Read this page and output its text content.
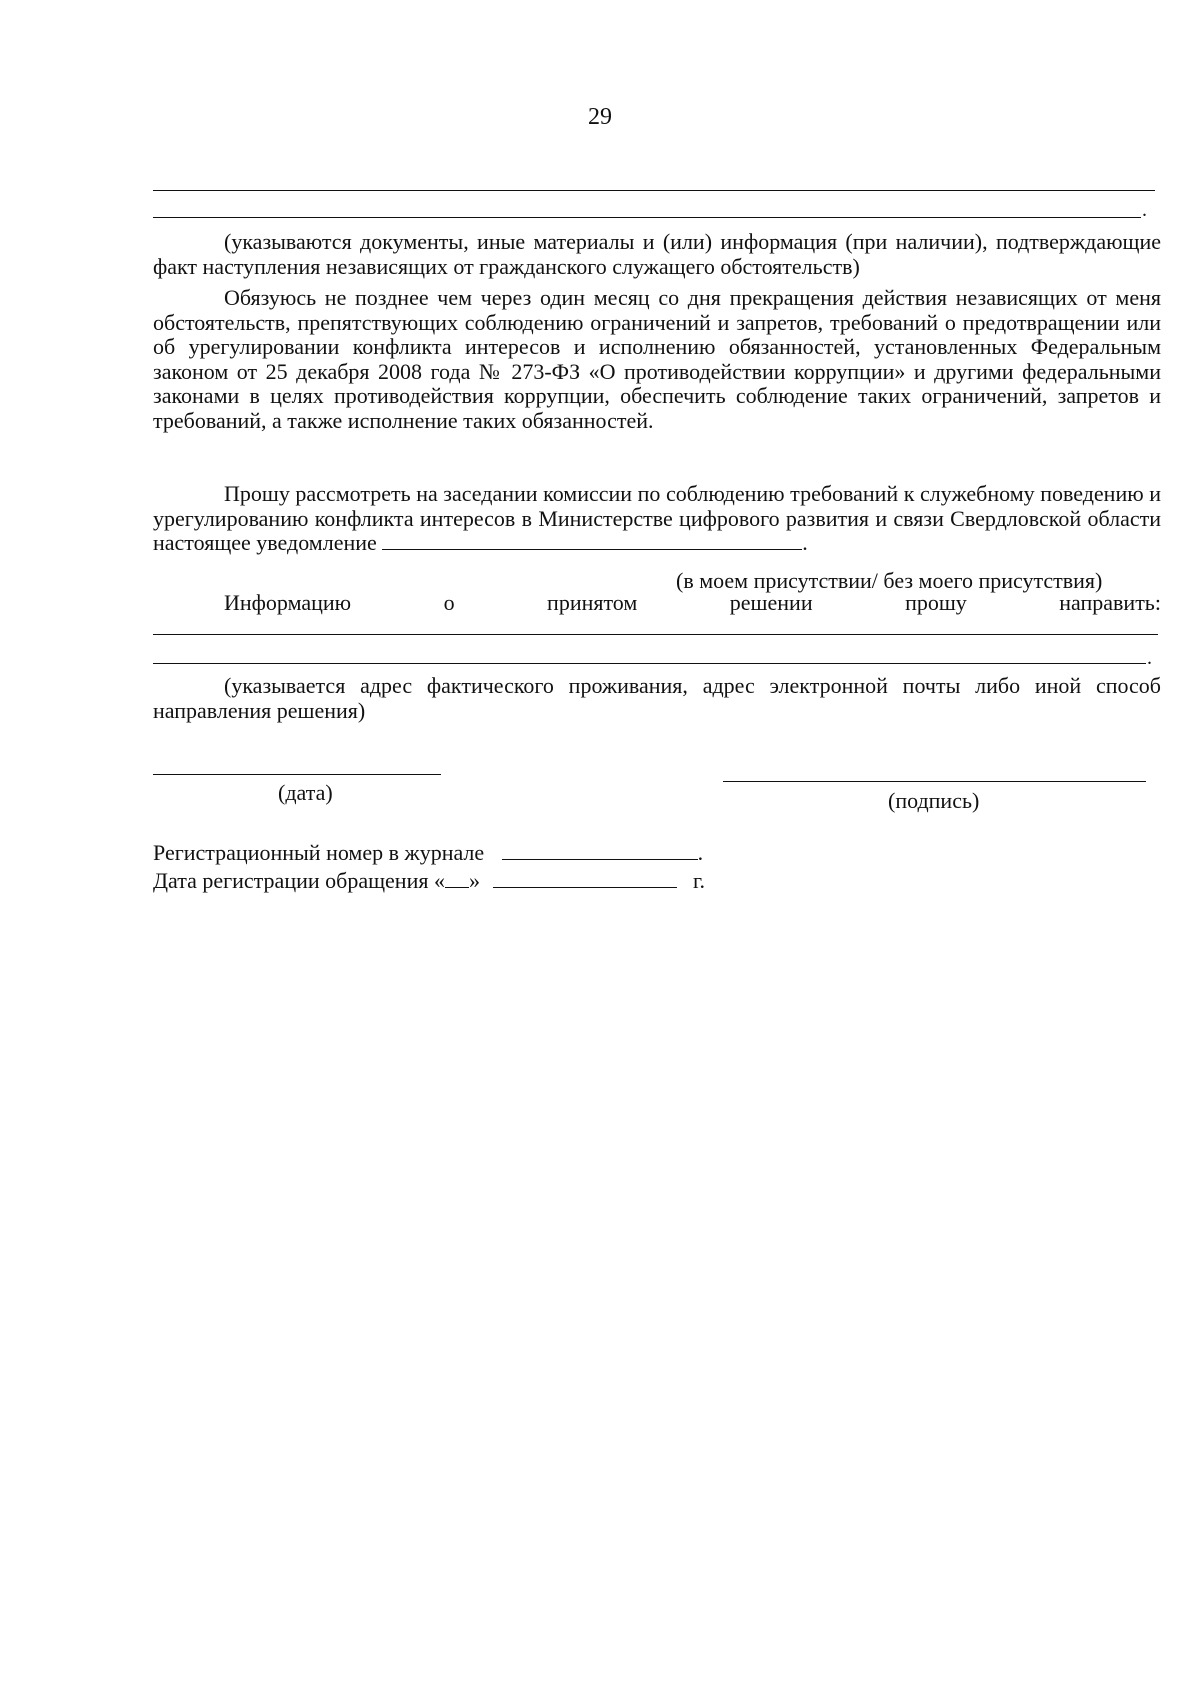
29
.

(указываются документы, иные материалы и (или) информация (при наличии), подтверждающие факт наступления независящих от гражданского служащего обстоятельств)

Обязуюсь не позднее чем через один месяц со дня прекращения действия независящих от меня обстоятельств, препятствующих соблюдению ограничений и запретов, требований о предотвращении или об урегулировании конфликта интересов и исполнению обязанностей, установленных Федеральным законом от 25 декабря 2008 года № 273-ФЗ «О противодействии коррупции» и другими федеральными законами в целях противодействия коррупции, обеспечить соблюдение таких ограничений, запретов и требований, а также исполнение таких обязанностей.

Прошу рассмотреть на заседании комиссии по соблюдению требований к служебному поведению и урегулированию конфликта интересов в Министерстве цифрового развития и связи Свердловской области настоящее уведомление	.

(в моем присутствии/ без моего присутствия)
Информацию	о	принятом	решении	прошу	направить:
.

(указывается адрес фактического проживания, адрес электронной почты либо иной способ направления решения)

(дата)	(подпись)
Регистрационный номер в журнале	.
Дата регистрации обращения « »	г.
